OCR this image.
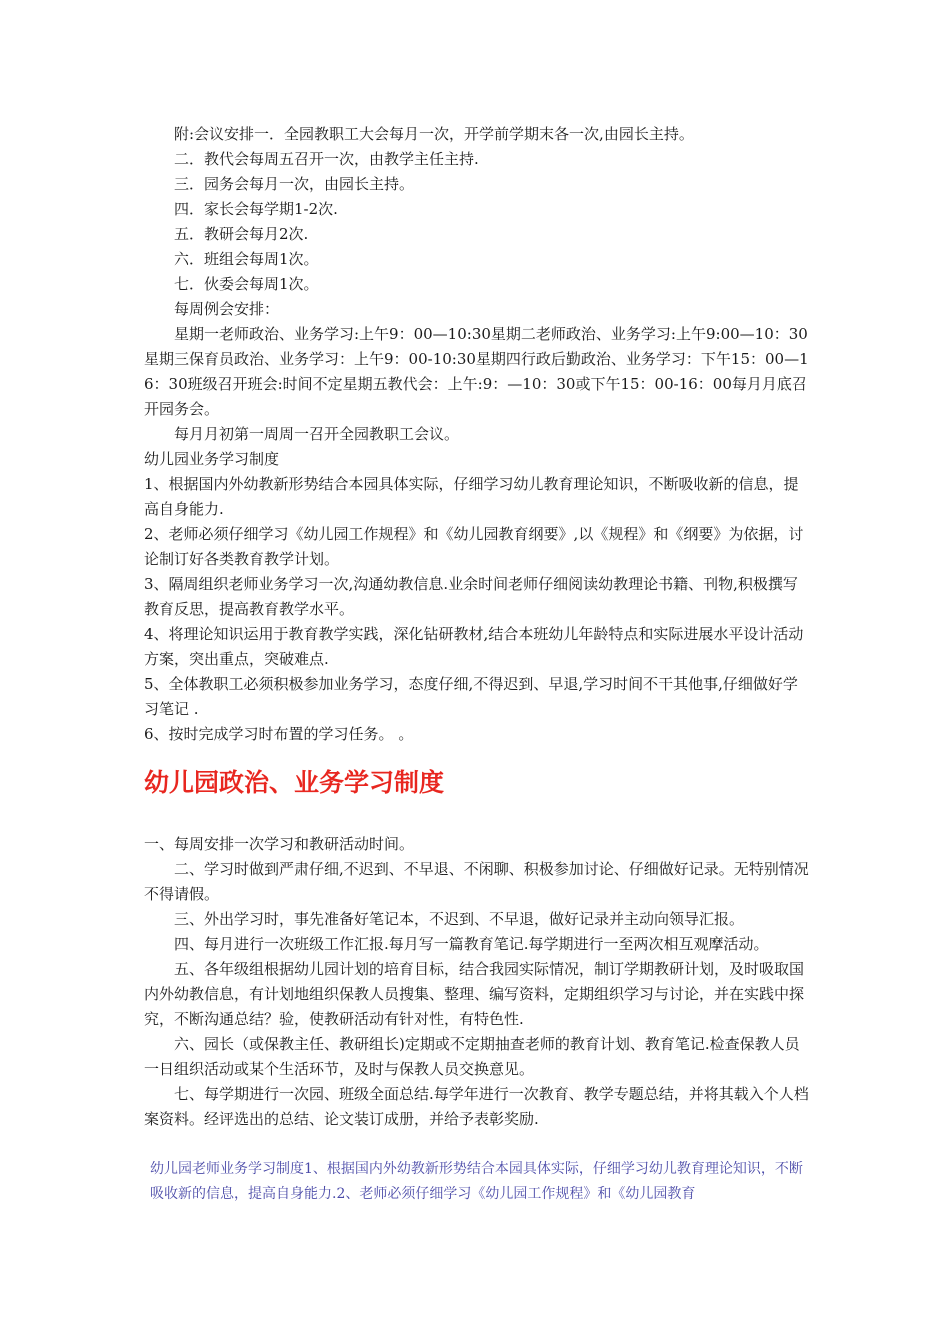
附:会议安排一．全园教职工大会每月一次，开学前学期末各一次,由园长主持。

二．教代会每周五召开一次，由教学主任主持.

三．园务会每月一次，由园长主持。

四．家长会每学期1-2次.

五．教研会每月2次.

六．班组会每周1次。

七．伙委会每周1次。

每周例会安排：

星期一老师政治、业务学习:上午9：00—10:30星期二老师政治、业务学习:上午9:00—10：30星期三保育员政治、业务学习：上午9：00-10:30星期四行政后勤政治、业务学习：下午15：00—16：30班级召开班会:时间不定星期五教代会：上午:9：—10：30或下午15：00-16：00每月月底召开园务会。

每月月初第一周周一召开全园教职工会议。

幼儿园业务学习制度

1、根据国内外幼教新形势结合本园具体实际，仔细学习幼儿教育理论知识，不断吸收新的信息，提高自身能力.

2、老师必须仔细学习《幼儿园工作规程》和《幼儿园教育纲要》,以《规程》和《纲要》为依据，讨论制订好各类教育教学计划。

3、隔周组织老师业务学习一次,沟通幼教信息.业余时间老师仔细阅读幼教理论书籍、刊物,积极撰写教育反思，提高教育教学水平。

4、将理论知识运用于教育教学实践，深化钻研教材,结合本班幼儿年龄特点和实际进展水平设计活动方案，突出重点，突破难点.

5、全体教职工必须积极参加业务学习，态度仔细,不得迟到、早退,学习时间不干其他事,仔细做好学习笔记 .

6、按时完成学习时布置的学习任务。 。

幼儿园政治、业务学习制度

一、每周安排一次学习和教研活动时间。

二、学习时做到严肃仔细,不迟到、不早退、不闲聊、积极参加讨论、仔细做好记录。无特别情况不得请假。

三、外出学习时，事先准备好笔记本，不迟到、不早退，做好记录并主动向领导汇报。

四、每月进行一次班级工作汇报.每月写一篇教育笔记.每学期进行一至两次相互观摩活动。

五、各年级组根据幼儿园计划的培育目标，结合我园实际情况，制订学期教研计划，及时吸取国内外幼教信息，有计划地组织保教人员搜集、整理、编写资料，定期组织学习与讨论，并在实践中探究，不断沟通总结？验，使教研活动有针对性，有特色性.

六、园长（或保教主任、教研组长)定期或不定期抽查老师的教育计划、教育笔记.检查保教人员一日组织活动或某个生活环节，及时与保教人员交换意见。

七、每学期进行一次园、班级全面总结.每学年进行一次教育、教学专题总结，并将其载入个人档案资料。经评选出的总结、论文装订成册，并给予表彰奖励.

幼儿园老师业务学习制度1、根据国内外幼教新形势结合本园具体实际，仔细学习幼儿教育理论知识，不断吸收新的信息，提高自身能力.2、老师必须仔细学习《幼儿园工作规程》和《幼儿园教育
